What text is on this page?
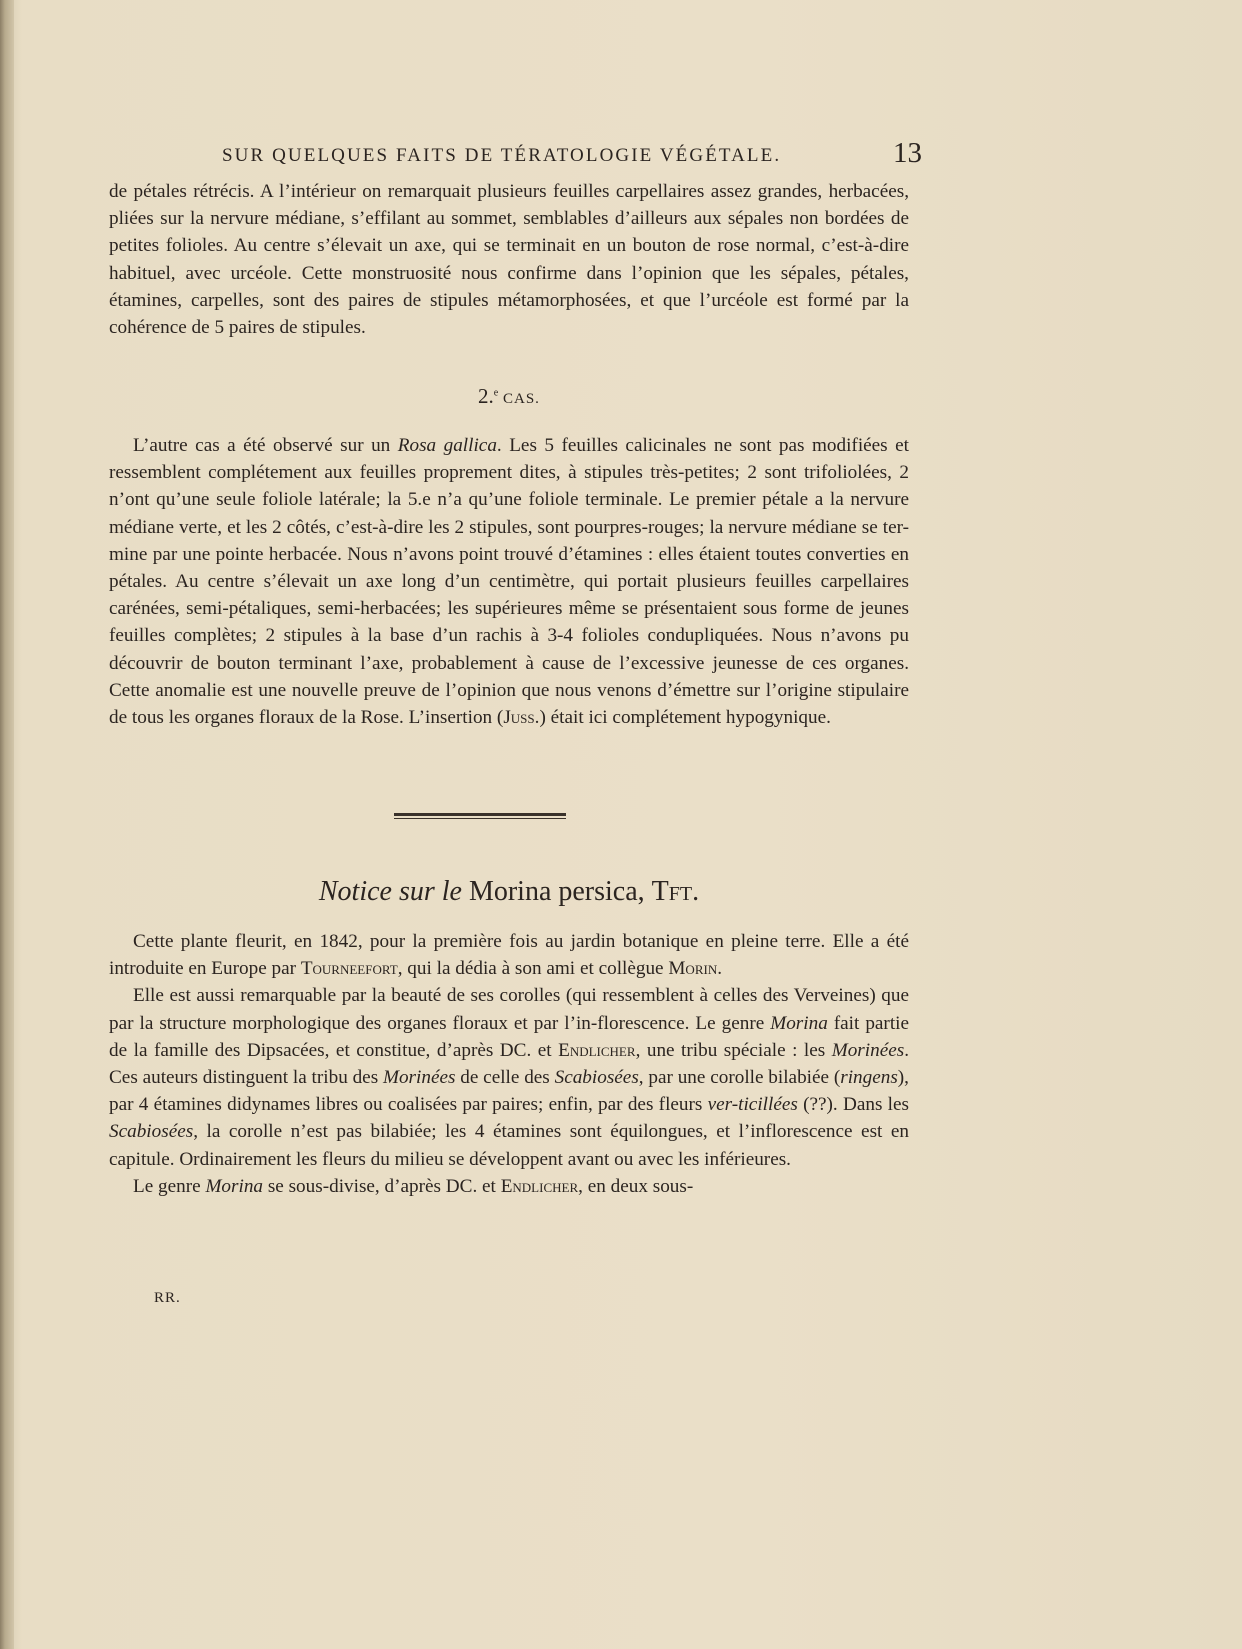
SUR QUELQUES FAITS DE TÉRATOLOGIE VÉGÉTALE.	13

de pétales rétrécis. A l’intérieur on remarquait plusieurs feuilles carpellaires assez grandes, herbacées, pliées sur la nervure médiane, s’effilant au sommet, semblables d’ailleurs aux sépales non bordées de petites folioles. Au centre s’élevait un axe, qui se terminait en un bouton de rose normal, c’est-à-dire habituel, avec urcéole. Cette monstruosité nous confirme dans l’opinion que les sépales, pétales, étamines, carpelles, sont des paires de stipules métamorphosées, et que l’urcéole est formé par la cohérence de 5 paires de stipules.

2.$^e$ CAS.

L’autre cas a été observé sur un Rosa gallica. Les 5 feuilles calicinales ne sont pas modifiées et ressemblent complétement aux feuilles proprement dites, à stipules très-petites; 2 sont trifoliolées, 2 n’ont qu’une seule foliole latérale; la 5.e n’a qu’une foliole terminale. Le premier pétale a la nervure médiane verte, et les 2 côtés, c’est-à-dire les 2 stipules, sont pourpres-rouges; la nervure médiane se ter-mine par une pointe herbacée. Nous n’avons point trouvé d’étamines : elles étaient toutes converties en pétales. Au centre s’élevait un axe long d’un centimètre, qui portait plusieurs feuilles carpellaires carénées, semi-pétaliques, semi-herbacées; les supérieures même se présentaient sous forme de jeunes feuilles complètes; 2 stipules à la base d’un rachis à 3-4 folioles condupliquées. Nous n’avons pu découvrir de bouton terminant l’axe, probablement à cause de l’excessive jeunesse de ces organes. Cette anomalie est une nouvelle preuve de l’opinion que nous venons d’émettre sur l’origine stipulaire de tous les organes floraux de la Rose. L’insertion (Juss.) était ici complétement hypogynique.

Notice sur le Morina persica, Tft.

Cette plante fleurit, en 1842, pour la première fois au jardin botanique en pleine terre. Elle a été introduite en Europe par Tourneefort, qui la dédia à son ami et collègue Morin.

Elle est aussi remarquable par la beauté de ses corolles (qui ressemblent à celles des Verveines) que par la structure morphologique des organes floraux et par l’in-florescence. Le genre Morina fait partie de la famille des Dipsacées, et constitue, d’après DC. et Endlicher, une tribu spéciale : les Morinées. Ces auteurs distinguent la tribu des Morinées de celle des Scabiosées, par une corolle bilabiée (ringens), par 4 étamines didynames libres ou coalisées par paires; enfin, par des fleurs ver-ticillées (??). Dans les Scabiosées, la corolle n’est pas bilabiée; les 4 étamines sont équilongues, et l’inflorescence est en capitule. Ordinairement les fleurs du milieu se développent avant ou avec les inférieures.

Le genre Morina se sous-divise, d’après DC. et Endlicher, en deux sous-

RR.
